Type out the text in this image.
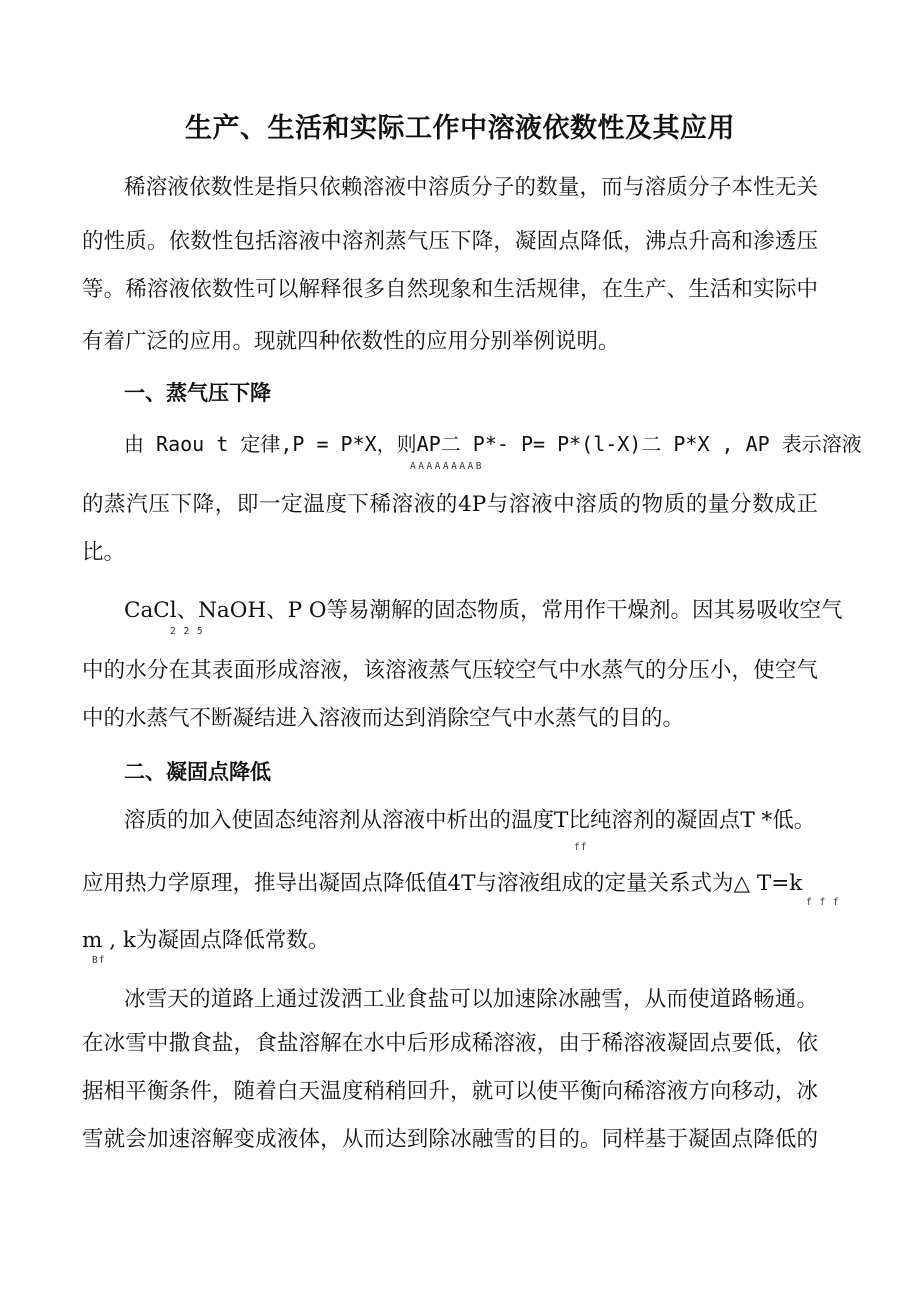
生产、生活和实际工作中溶液依数性及其应用
稀溶液依数性是指只依赖溶液中溶质分子的数量，而与溶质分子本性无关
的性质。依数性包括溶液中溶剂蒸气压下降，凝固点降低，沸点升高和渗透压
等。稀溶液依数性可以解释很多自然现象和生活规律，在生产、生活和实际中
有着广泛的应用。现就四种依数性的应用分别举例说明。
一、蒸气压下降
由 Raou t 定律,P = P*X，则AP二 P*- P= P*(l-X)二 P*X , AP 表示溶液
AAAAAAAAB
的蒸汽压下降，即一定温度下稀溶液的4P与溶液中溶质的物质的量分数成正
比。
CaCl、NaOH、P O等易潮解的固态物质，常用作干燥剂。因其易吸收空气
2 2 5
中的水分在其表面形成溶液，该溶液蒸气压较空气中水蒸气的分压小，使空气
中的水蒸气不断凝结进入溶液而达到消除空气中水蒸气的目的。
二、凝固点降低
溶质的加入使固态纯溶剂从溶液中析出的温度T比纯溶剂的凝固点T *低。
ff
应用热力学原理，推导出凝固点降低值4T与溶液组成的定量关系式为△ T=k
f f f
m , k为凝固点降低常数。
Bf
冰雪天的道路上通过泼洒工业食盐可以加速除冰融雪，从而使道路畅通。
在冰雪中撒食盐，食盐溶解在水中后形成稀溶液，由于稀溶液凝固点要低，依
据相平衡条件，随着白天温度稍稍回升，就可以使平衡向稀溶液方向移动，冰
雪就会加速溶解变成液体，从而达到除冰融雪的目的。同样基于凝固点降低的
